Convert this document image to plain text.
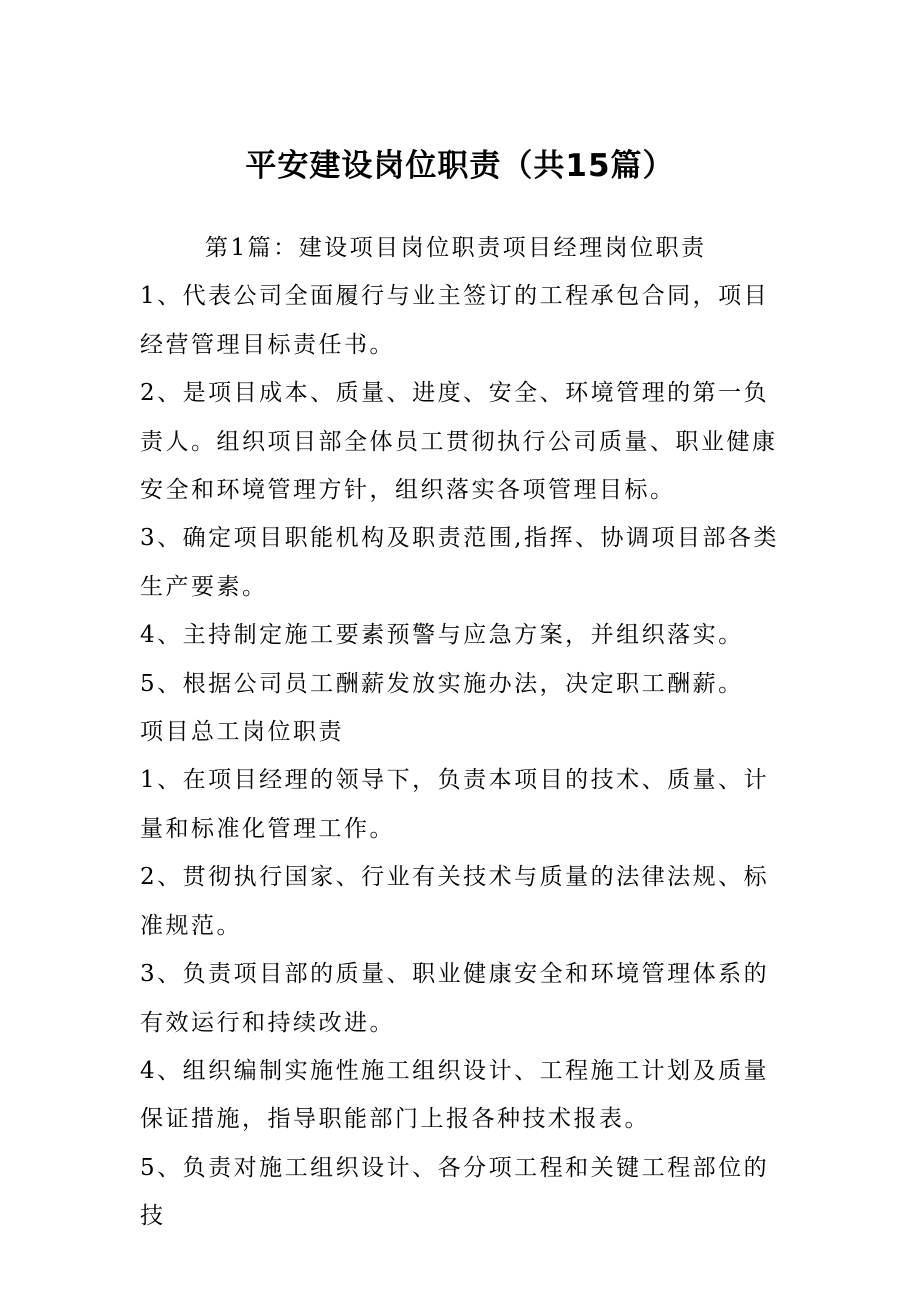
平安建设岗位职责（共15篇）

第1篇：建设项目岗位职责项目经理岗位职责

1、代表公司全面履行与业主签订的工程承包合同，项目经营管理目标责任书。

2、是项目成本、质量、进度、安全、环境管理的第一负责人。组织项目部全体员工贯彻执行公司质量、职业健康安全和环境管理方针，组织落实各项管理目标。

3、确定项目职能机构及职责范围,指挥、协调项目部各类生产要素。

4、主持制定施工要素预警与应急方案，并组织落实。

5、根据公司员工酬薪发放实施办法，决定职工酬薪。

项目总工岗位职责

1、在项目经理的领导下，负责本项目的技术、质量、计量和标准化管理工作。

2、贯彻执行国家、行业有关技术与质量的法律法规、标准规范。

3、负责项目部的质量、职业健康安全和环境管理体系的有效运行和持续改进。

4、组织编制实施性施工组织设计、工程施工计划及质量保证措施，指导职能部门上报各种技术报表。

5、负责对施工组织设计、各分项工程和关键工程部位的技
